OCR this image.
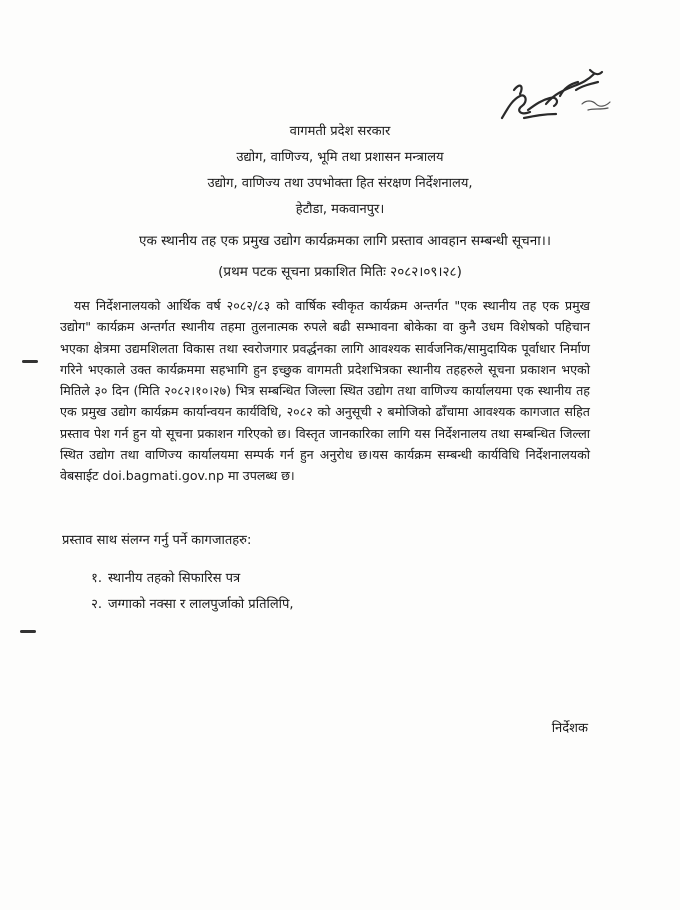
वागमती प्रदेश सरकार
उद्योग, वाणिज्य, भूमि तथा प्रशासन मन्त्रालय
उद्योग, वाणिज्य तथा उपभोक्ता हित संरक्षण निर्देशनालय,
हेटौडा, मकवानपुर।
एक स्थानीय तह एक प्रमुख उद्योग कार्यक्रमका लागि प्रस्ताव आवहान सम्बन्धी सूचना।।
(प्रथम पटक सूचना प्रकाशित मितिः २०८२।०९।२८)
यस निर्देशनालयको आर्थिक वर्ष २०८२/८३ को वार्षिक स्वीकृत कार्यक्रम अन्तर्गत "एक स्थानीय तह एक प्रमुख उद्योग" कार्यक्रम अन्तर्गत स्थानीय तहमा तुलनात्मक रुपले बढी सम्भावना बोकेका वा कुनै उधम विशेषको पहिचान भएका क्षेत्रमा उद्यमशिलता विकास तथा स्वरोजगार प्रवर्द्धनका लागि आवश्यक सार्वजनिक/सामुदायिक पूर्वाधार निर्माण गरिने भएकाले उक्त कार्यक्रममा सहभागि हुन इच्छुक वागमती प्रदेशभित्रका स्थानीय तहहरुले सूचना प्रकाशन भएको मितिले ३० दिन (मिति २०८२।१०।२७) भित्र सम्बन्धित जिल्ला स्थित उद्योग तथा वाणिज्य कार्यालयमा एक स्थानीय तह एक प्रमुख उद्योग कार्यक्रम कार्यान्वयन कार्यविधि, २०८२ को अनुसूची २ बमोजिको ढाँचामा आवश्यक कागजात सहित प्रस्ताव पेश गर्न हुन यो सूचना प्रकाशन गरिएको छ। विस्तृत जानकारिका लागि यस निर्देशनालय तथा सम्बन्धित जिल्ला स्थित उद्योग तथा वाणिज्य कार्यालयमा सम्पर्क गर्न हुन अनुरोध छ।यस कार्यक्रम सम्बन्धी कार्यविधि निर्देशनालयको वेबसाईट doi.bagmati.gov.np मा उपलब्ध छ।
प्रस्ताव साथ संलग्न गर्नु पर्ने कागजातहरु:
१. स्थानीय तहको सिफारिस पत्र
२. जग्गाको नक्सा र लालपुर्जाको प्रतिलिपि,
निर्देशक
